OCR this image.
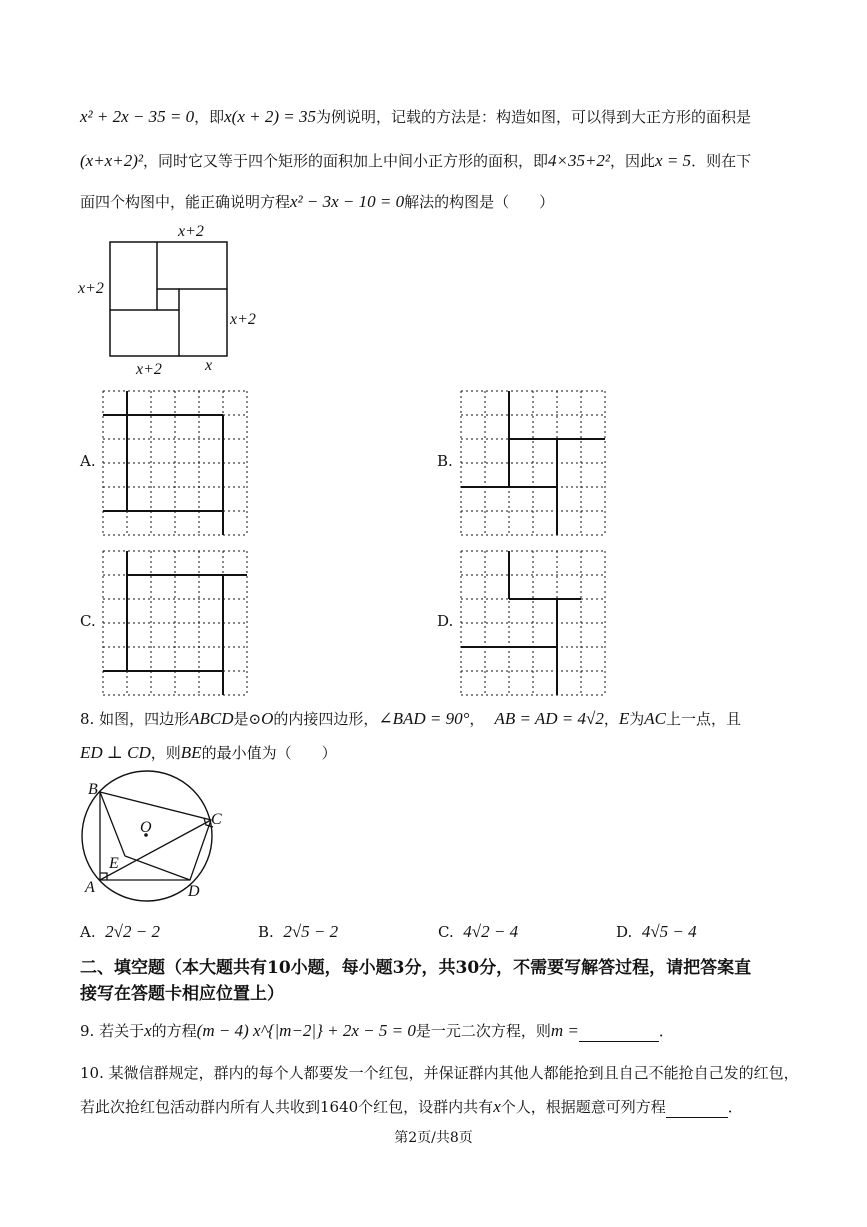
x² + 2x − 35 = 0，即x(x + 2) = 35为例说明，记载的方法是：构造如图，可以得到大正方形的面积是
(x+x+2)²，同时它又等于四个矩形的面积加上中间小正方形的面积，即4×35+2²，因此x = 5．则在下
面四个构图中，能正确说明方程x² − 3x − 10 = 0解法的构图是（　　）
x+2
x+2
x+2
x+2	x
A.	B.
C.	D.
8. 如图，四边形ABCD是⊙O的内接四边形，∠BAD = 90°， AB = AD = 4√2，E为AC上一点，且
ED ⊥ CD，则BE的最小值为（　　）
B
C
O
E
A	D
A. 2√2 − 2	B. 2√5 − 2	C. 4√2 − 4	D. 4√5 − 4
二、填空题（本大题共有10小题，每小题3分，共30分，不需要写解答过程，请把答案直
接写在答题卡相应位置上）
9. 若关于x的方程(m − 4) x^{|m−2|} + 2x − 5 = 0是一元二次方程，则m =	．
10. 某微信群规定，群内的每个人都要发一个红包，并保证群内其他人都能抢到且自己不能抢自己发的红包，
若此次抢红包活动群内所有人共收到1640个红包，设群内共有x个人，根据题意可列方程	．
第2页/共8页
